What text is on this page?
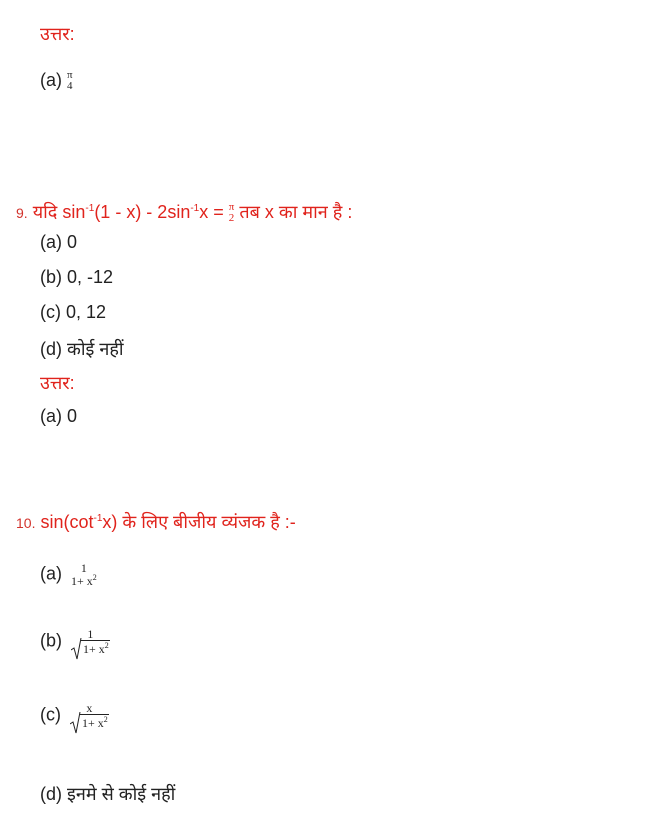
उत्तर:
(a) π
4
9. यदि $\sin^{-1}(1 - x) - 2\sin^{-1}x = \pi$
2 तब x का मान है :
(a) 0
(b) 0, -12
(c) 0, 12
(d) कोई नहीं
उत्तर:
(a) 0
10. $\sin(\cot^{-1}x)$ के लिए बीजीय व्यंजक है :-
(a)	1
$1+ x^2$
(b)	1
$1+ x^2$
(c)	x
$1+ x^2$
(d) इनमे से कोई नहीं
